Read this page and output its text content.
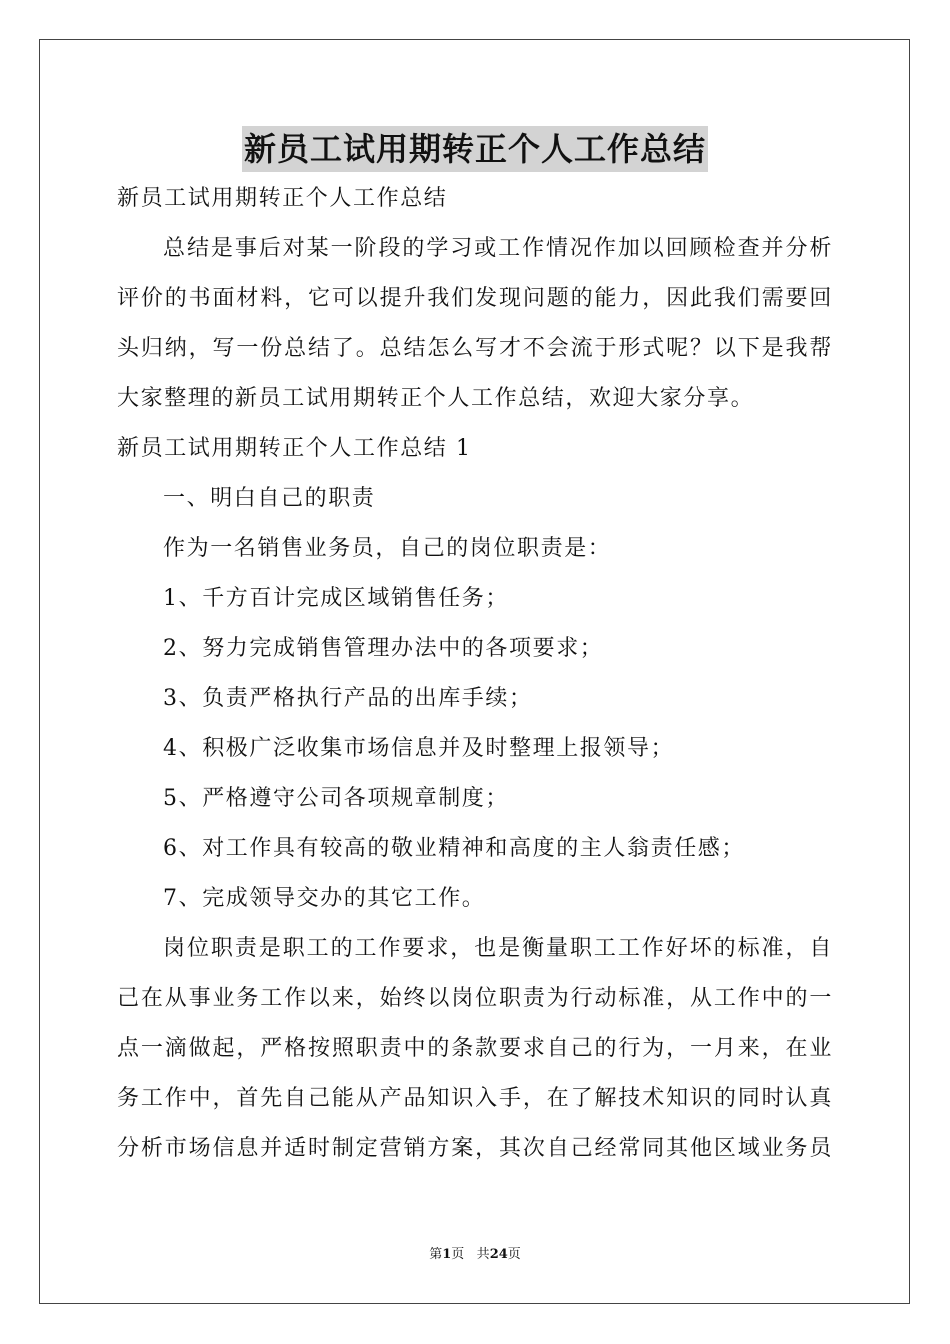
新员工试用期转正个人工作总结
新员工试用期转正个人工作总结
总结是事后对某一阶段的学习或工作情况作加以回顾检查并分析
评价的书面材料，它可以提升我们发现问题的能力，因此我们需要回
头归纳，写一份总结了。总结怎么写才不会流于形式呢？以下是我帮
大家整理的新员工试用期转正个人工作总结，欢迎大家分享。
新员工试用期转正个人工作总结 1
一、明白自己的职责
作为一名销售业务员，自己的岗位职责是：
1、千方百计完成区域销售任务；
2、努力完成销售管理办法中的各项要求；
3、负责严格执行产品的出库手续；
4、积极广泛收集市场信息并及时整理上报领导；
5、严格遵守公司各项规章制度；
6、对工作具有较高的敬业精神和高度的主人翁责任感；
7、完成领导交办的其它工作。
岗位职责是职工的工作要求，也是衡量职工工作好坏的标准，自
己在从事业务工作以来，始终以岗位职责为行动标准，从工作中的一
点一滴做起，严格按照职责中的条款要求自己的行为，一月来，在业
务工作中，首先自己能从产品知识入手，在了解技术知识的同时认真
分析市场信息并适时制定营销方案，其次自己经常同其他区域业务员
第1页 共24页
